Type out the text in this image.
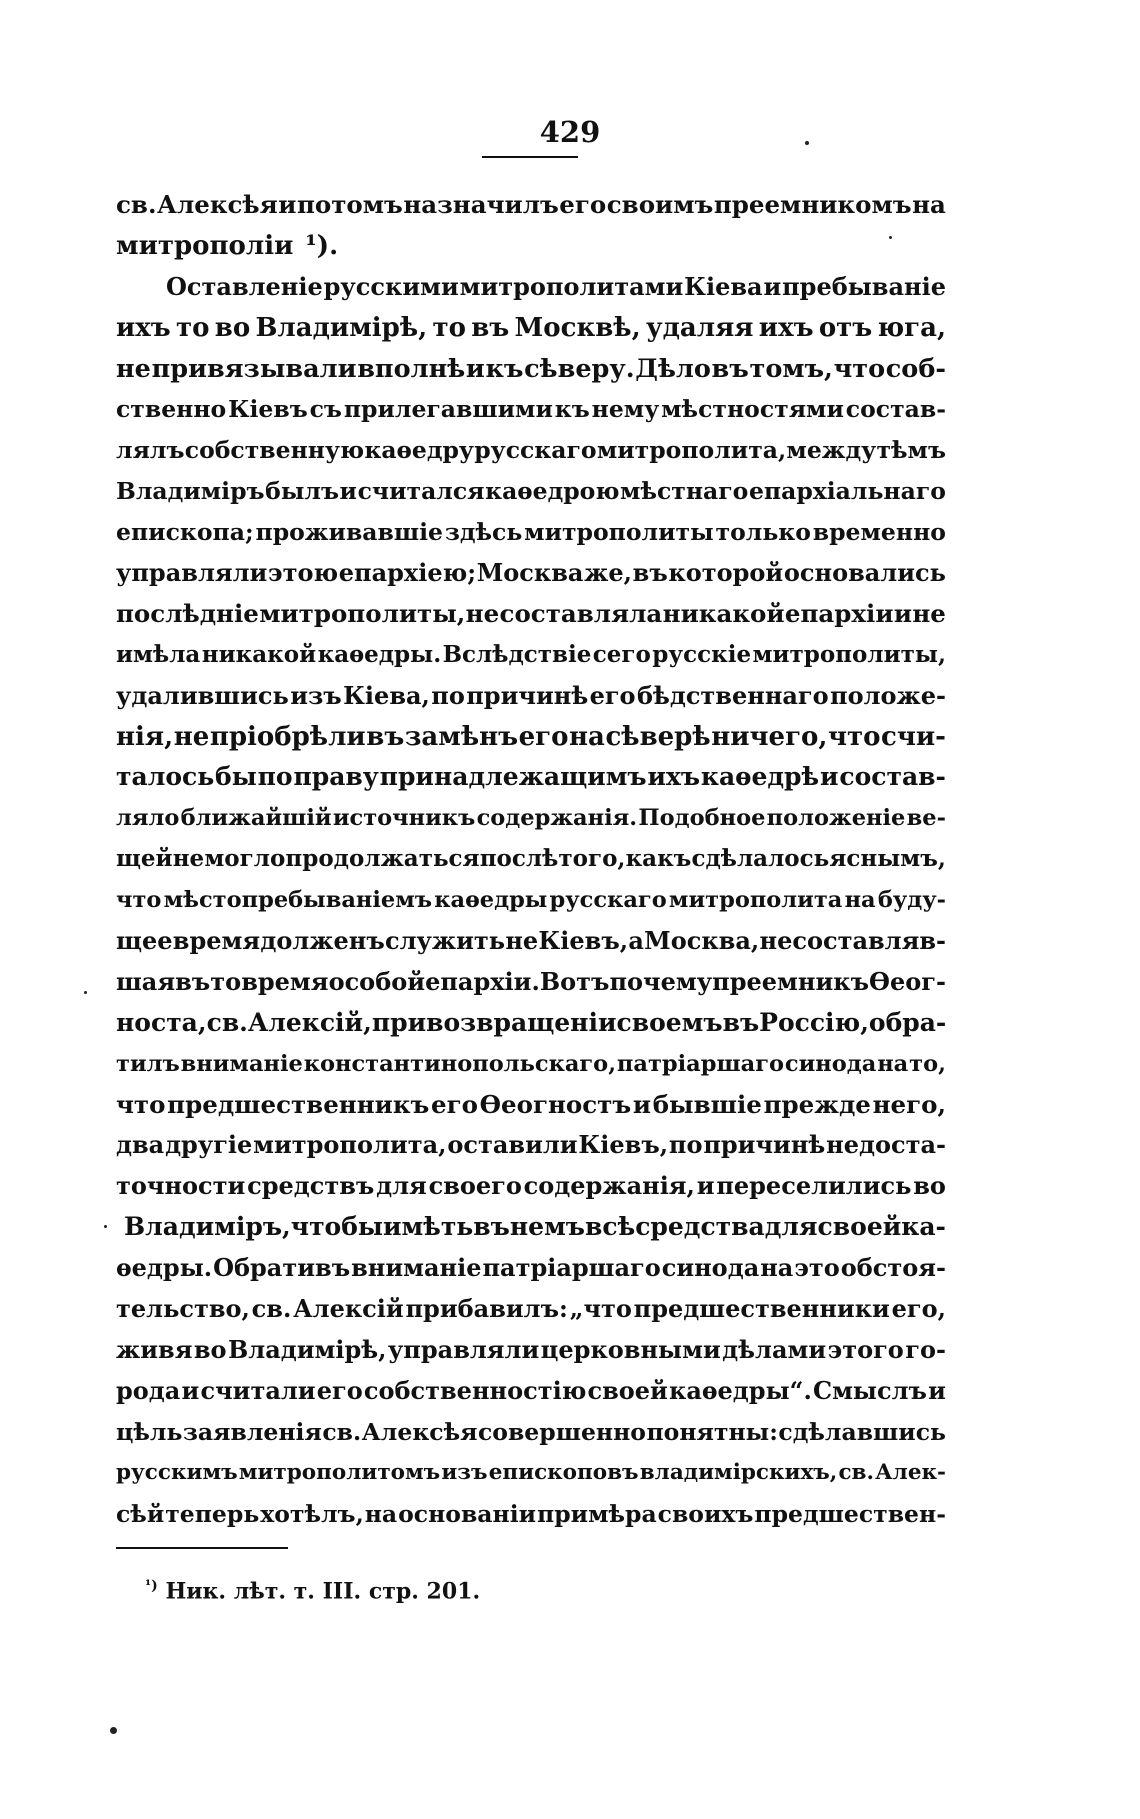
429
св. Алексѣя и потомъ назначилъ его своимъ преемникомъ на
митрополіи ¹).
Оставленіе русскими митрополитами Кіева и пребываніе
ихъ то во Владимірѣ, то въ Москвѣ, удаляя ихъ отъ юга,
не привязывали вполнѣ и къ сѣверу. Дѣло въ томъ, что соб-
ственно Кіевъ съ прилегавшими къ нему мѣстностями состав-
лялъ собственную каѳедру русскаго митрополита, между тѣмъ
Владиміръ былъ и считался каѳедрою мѣстнаго епархіальнаго
епископа; проживавшіе здѣсь митрополиты только временно
управляли этою епархіею; Москва же, въ которой основались
послѣдніе митрополиты, не составляла никакой епархіи и не
имѣла никакой каѳедры. Вслѣдствіе сего русскіе митрополиты,
удалившись изъ Кіева, по причинѣ его бѣдственнаго положе-
нія, не пріобрѣли въ замѣнъ его на сѣверѣ ничего, что счи-
талось бы по праву принадлежащимъ ихъ каѳедрѣ и состав-
ляло ближайшій источникъ содержанія. Подобное положеніе ве-
щей не могло продолжаться послѣ того, какъ сдѣлалось яснымъ,
что мѣстопребываніемъ каѳедры русскаго митрополита на буду-
щее время долженъ служить не Кіевъ, а Москва, несоставляв-
шая въ то время особой епархіи. Вотъ почему преемникъ Ѳеог-
носта, св. Алексій, при возвращеніи своемъ въ Россію, обра-
тилъ вниманіе константинопольскаго, патріаршаго синода на то,
что предшественникъ его Ѳеогностъ и бывшіе прежде него,
два другіе митрополита, оставили Кіевъ, по причинѣ недоста-
точности средствъ для своего содержанія, и переселились во
Владиміръ, чтобы имѣть въ немъ всѣ средства для своей ка-
ѳедры. Обративъ вниманіе патріаршаго синода на это обстоя-
тельство, св. Алексій прибавилъ: „что предшественники его,
живя во Владимірѣ, управляли церковными дѣлами этого го-
рода и считали его собственностію своей каѳедры“. Смыслъ и
цѣль заявленія св. Алексѣя совершенно понятны: сдѣлавшись
русскимъ митрополитомъ изъ епископовъ владимірскихъ, св. Алек-
сѣй теперь хотѣлъ, на основаніи примѣра своихъ предшествен-
$^{^1)}$ Ник. лѣт. т. III. стр. 201.
